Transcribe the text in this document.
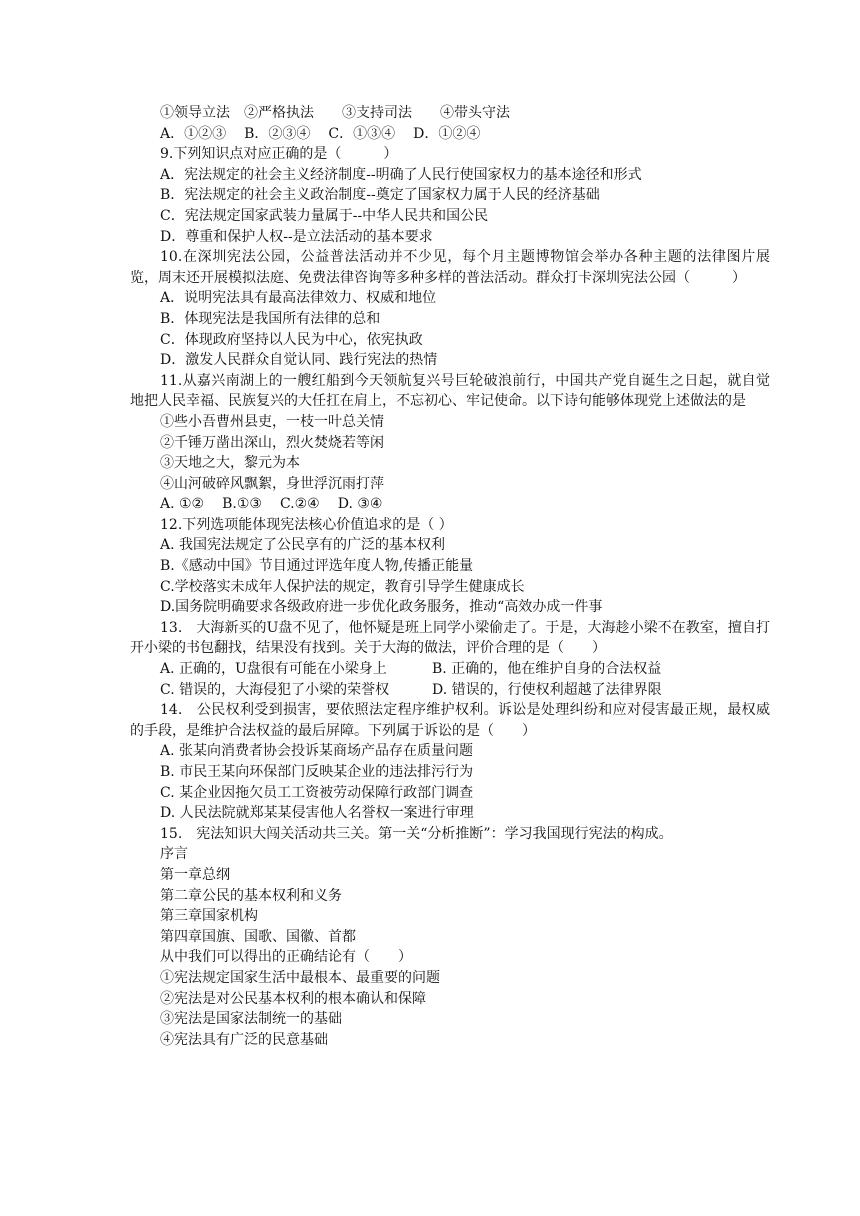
①领导立法　②严格执法　　③支持司法　　④带头守法

A．①②③ B．②③④ C．①③④ D．①②④

9.下列知识点对应正确的是（　　　）

A．宪法规定的社会主义经济制度--明确了人民行使国家权力的基本途径和形式

B．宪法规定的社会主义政治制度--奠定了国家权力属于人民的经济基础

C．宪法规定国家武装力量属于--中华人民共和国公民

D．尊重和保护人权--是立法活动的基本要求

10.在深圳宪法公园，公益普法活动并不少见，每个月主题博物馆会举办各种主题的法律图片展览，周末还开展模拟法庭、免费法律咨询等多种多样的普法活动。群众打卡深圳宪法公园（　　　）

A．说明宪法具有最高法律效力、权威和地位

B．体现宪法是我国所有法律的总和

C．体现政府坚持以人民为中心，依宪执政

D．激发人民群众自觉认同、践行宪法的热情

11.从嘉兴南湖上的一艘红船到今天领航复兴号巨轮破浪前行，中国共产党自诞生之日起，就自觉地把人民幸福、民族复兴的大任扛在肩上，不忘初心、牢记使命。以下诗句能够体现党上述做法的是

①些小吾曹州县吏，一枝一叶总关情

②千锤万凿出深山，烈火焚烧若等闲

③天地之大，黎元为本

④山河破碎风飘絮，身世浮沉雨打萍

A. ①② B.①③ C.②④ D. ③④

12.下列选项能体现宪法核心价值追求的是（ ）

A. 我国宪法规定了公民享有的广泛的基本权利

B.《感动中国》节目通过评选年度人物,传播正能量

C.学校落实未成年人保护法的规定，教育引导学生健康成长

D.国务院明确要求各级政府进一步优化政务服务，推动“高效办成一件事

13.　大海新买的U盘不见了，他怀疑是班上同学小梁偷走了。于是，大海趁小梁不在教室，擅自打开小梁的书包翻找，结果没有找到。关于大海的做法，评价合理的是（　　）

A. 正确的，U盘很有可能在小梁身上	B. 正确的，他在维护自身的合法权益

C. 错误的，大海侵犯了小梁的荣誉权	D. 错误的，行使权利超越了法律界限

14.　公民权利受到损害，要依照法定程序维护权利。诉讼是处理纠纷和应对侵害最正规，最权威的手段，是维护合法权益的最后屏障。下列属于诉讼的是（　　）

A. 张某向消费者协会投诉某商场产品存在质量问题

B. 市民王某向环保部门反映某企业的违法排污行为

C. 某企业因拖欠员工工资被劳动保障行政部门调查

D. 人民法院就郑某某侵害他人名誉权一案进行审理

15.　宪法知识大闯关活动共三关。第一关“分析推断”：学习我国现行宪法的构成。

序言

第一章总纲

第二章公民的基本权利和义务

第三章国家机构

第四章国旗、国歌、国徽、首都

从中我们可以得出的正确结论有（　　）

①宪法规定国家生活中最根本、最重要的问题

②宪法是对公民基本权利的根本确认和保障

③宪法是国家法制统一的基础

④宪法具有广泛的民意基础
